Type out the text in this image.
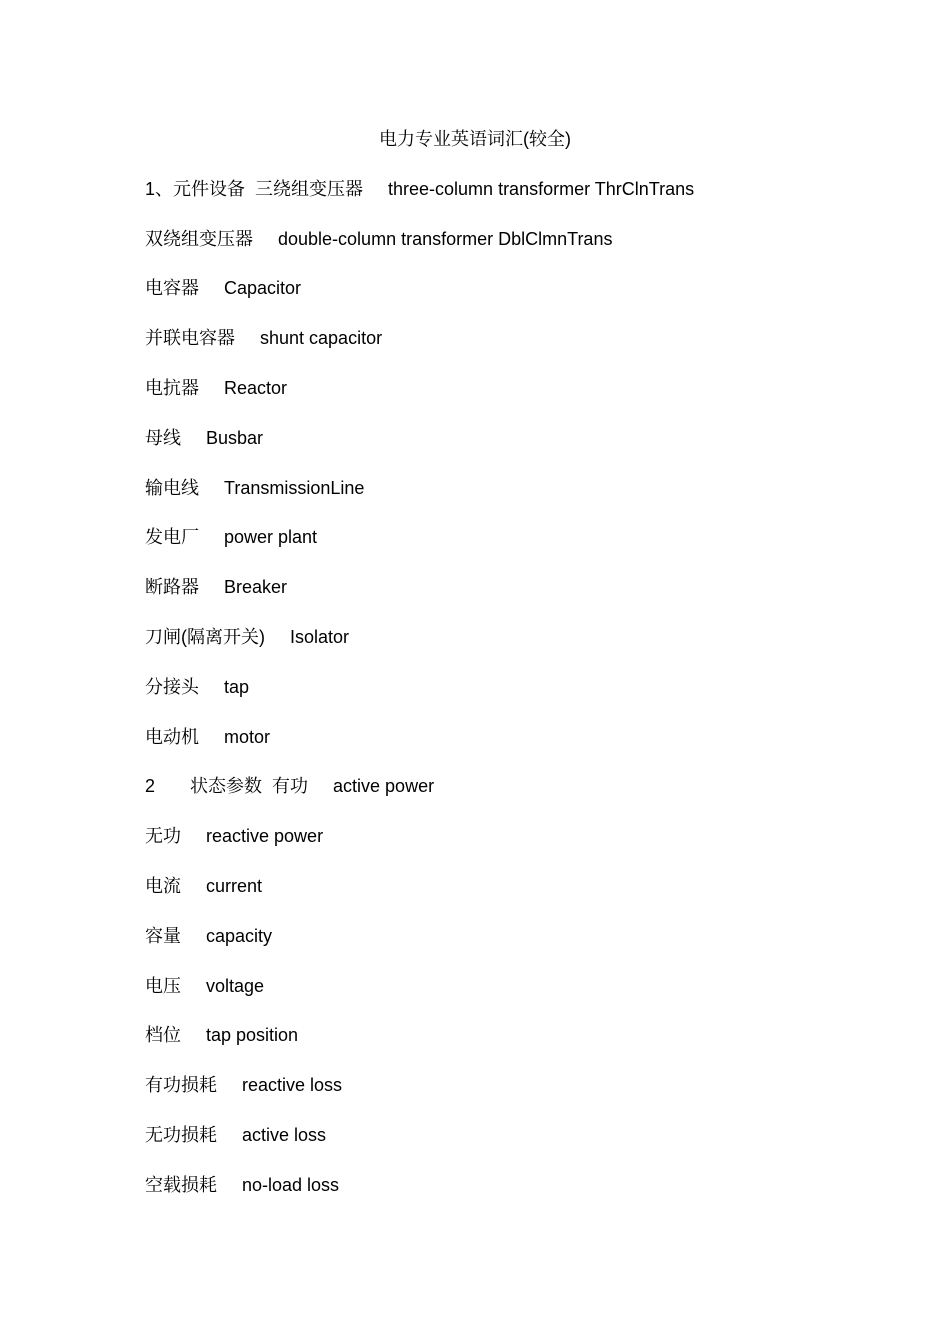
电力专业英语词汇(较全)
1、元件设备  三绕组变压器     three-column transformer ThrClnTrans
双绕组变压器     double-column transformer DblClmnTrans
电容器     Capacitor
并联电容器     shunt capacitor
电抗器     Reactor
母线     Busbar
输电线     TransmissionLine
发电厂     power plant
断路器     Breaker
刀闸(隔离开关)     Isolator
分接头     tap
电动机     motor
2       状态参数  有功     active power
无功     reactive power
电流     current
容量     capacity
电压     voltage
档位     tap position
有功损耗     reactive loss
无功损耗     active loss
空载损耗     no-load loss
